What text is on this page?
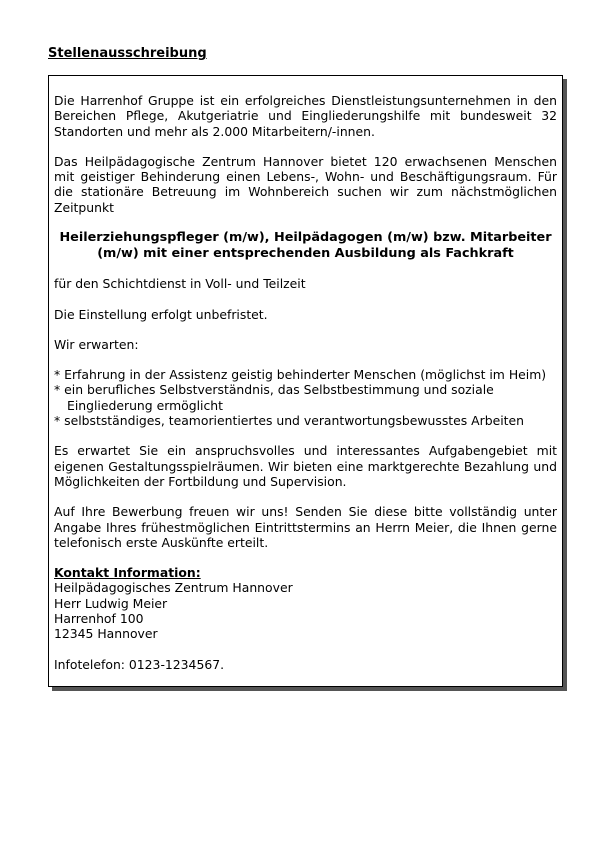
Stellenausschreibung

Die Harrenhof Gruppe ist ein erfolgreiches Dienstleistungsunternehmen in den Bereichen Pflege, Akutgeriatrie und Eingliederungshilfe mit bundesweit 32 Standorten und mehr als 2.000 Mitarbeitern/-innen.

Das Heilpädagogische Zentrum Hannover bietet 120 erwachsenen Menschen mit geistiger Behinderung einen Lebens-, Wohn- und Beschäftigungsraum. Für die stationäre Betreuung im Wohnbereich suchen wir zum nächstmöglichen Zeitpunkt

Heilerziehungspfleger (m/w), Heilpädagogen (m/w) bzw. Mitarbeiter
(m/w) mit einer entsprechenden Ausbildung als Fachkraft

für den Schichtdienst in Voll- und Teilzeit

Die Einstellung erfolgt unbefristet.

Wir erwarten:

* Erfahrung in der Assistenz geistig behinderter Menschen (möglichst im Heim)
* ein berufliches Selbstverständnis, das Selbstbestimmung und soziale Eingliederung ermöglicht
* selbstständiges, teamorientiertes und verantwortungsbewusstes Arbeiten

Es erwartet Sie ein anspruchsvolles und interessantes Aufgabengebiet mit eigenen Gestaltungsspielräumen. Wir bieten eine marktgerechte Bezahlung und Möglichkeiten der Fortbildung und Supervision.

Auf Ihre Bewerbung freuen wir uns! Senden Sie diese bitte vollständig unter Angabe Ihres frühestmöglichen Eintrittstermins an Herrn Meier, die Ihnen gerne telefonisch erste Auskünfte erteilt.

Kontakt Information:
Heilpädagogisches Zentrum Hannover
Herr Ludwig Meier
Harrenhof 100
12345 Hannover

Infotelefon: 0123-1234567.
